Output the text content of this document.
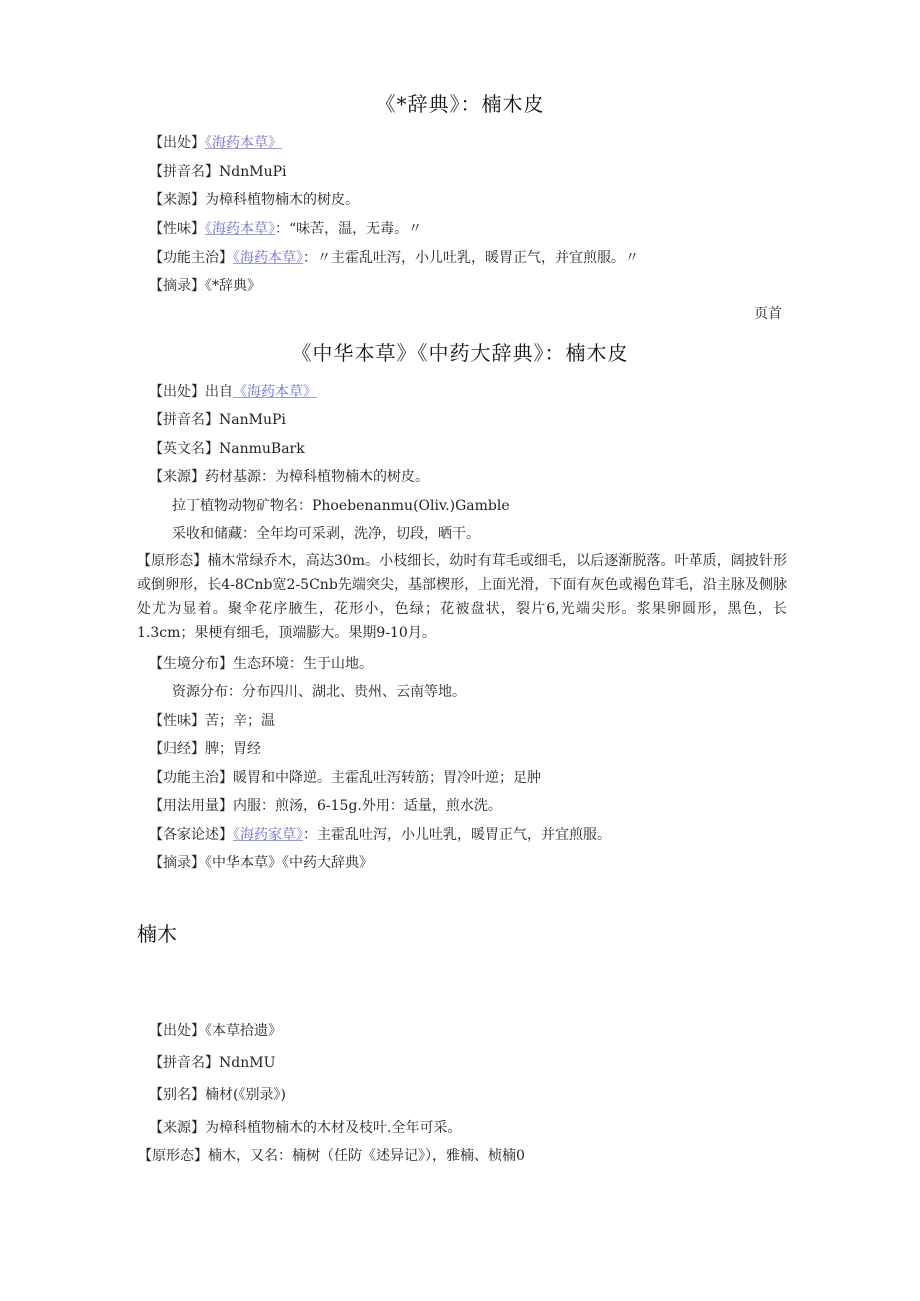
《*辞典》：楠木皮
【出处】《海药本草》
【拼音名】NdnMuPi
【来源】为樟科植物楠木的树皮。
【性味】《海药本草》：“味苦，温，无毒。〃
【功能主治】《海药本草》：〃主霍乱吐泻，小儿吐乳，暖胃正气，并宜煎服。〃
【摘录】《*辞典》
页首
《中华本草》《中药大辞典》：楠木皮
【出处】出自《海药本草》
【拼音名】NanMuPi
【英文名】NanmuBark
【来源】药材基源：为樟科植物楠木的树皮。
拉丁植物动物矿物名：Phoebenanmu(Oliv.)Gamble
采收和储藏：全年均可采剥，洗净，切段，晒干。
【原形态】楠木常绿乔木，高达30m。小枝细长，幼时有茸毛或细毛，以后逐渐脱落。叶革质，阔披针形或倒卵形，长4-8Cnb宽2-5Cnb先端突尖，基部楔形，上面光滑，下面有灰色或褐色茸毛，沿主脉及侧脉处尤为显着。聚伞花序腋生，花形小，色绿；花被盘状，裂片6,光端尖形。浆果卵圆形，黑色，长1.3cm；果梗有细毛，顶端膨大。果期9-10月。
【生境分布】生态环境：生于山地。
资源分布：分布四川、湖北、贵州、云南等地。
【性味】苦；辛；温
【归经】脾；胃经
【功能主治】暖胃和中降逆。主霍乱吐泻转筋；胃冷叶逆；足肿
【用法用量】内服：煎汤，6-15g.外用：适量，煎水洗。
【各家论述】《海药家草》：主霍乱吐泻，小儿吐乳，暖胃正气，并宜煎服。
【摘录】《中华本草》《中药大辞典》
楠木
【出处】《本草拾遗》
【拼音名】NdnMU
【别名】楠材(《别录》)
【来源】为樟科植物楠木的木材及枝叶.全年可采。
【原形态】楠木，又名：楠树（任防《述异记》），雅楠、桢楠0
